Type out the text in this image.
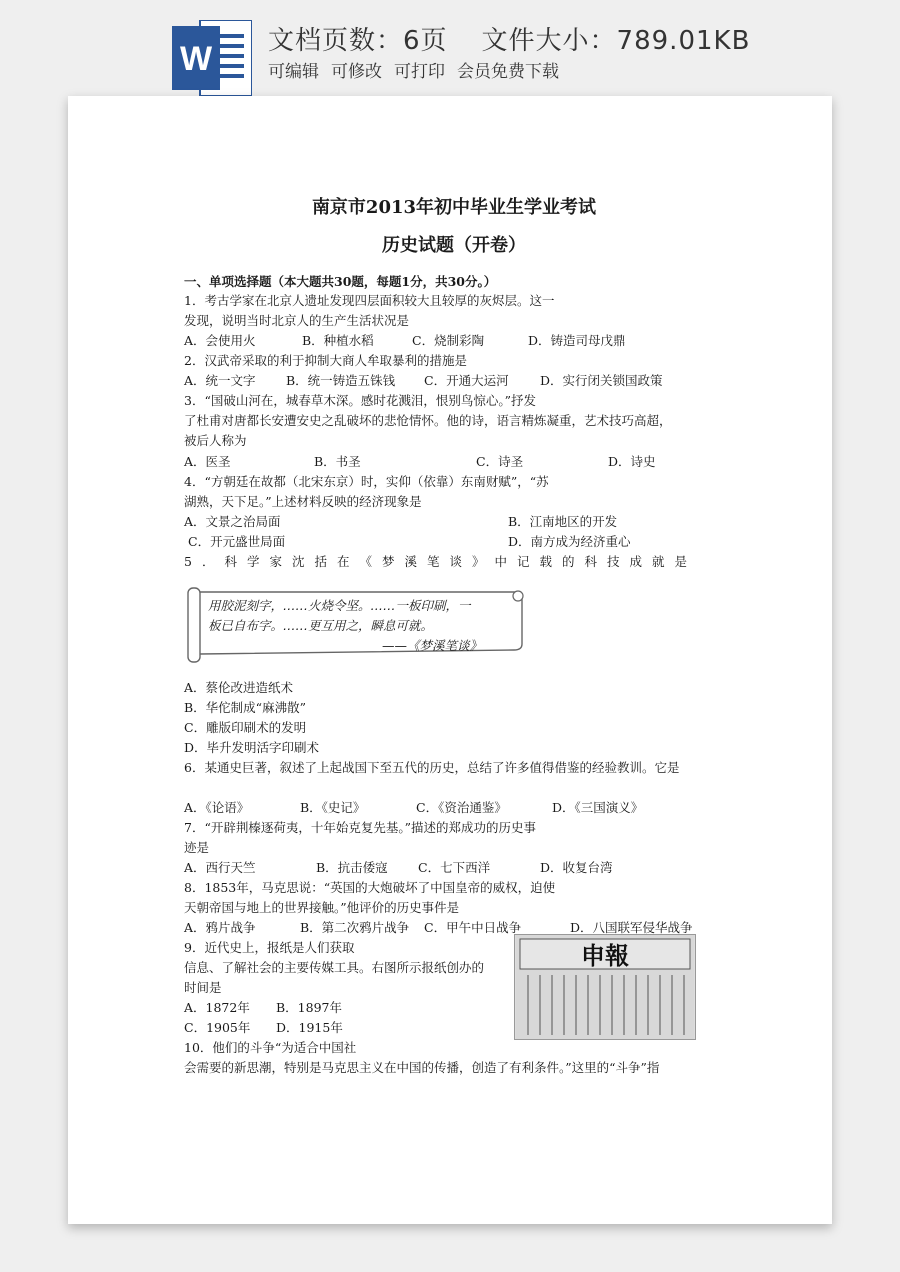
W 文档页数：6页 文件大小：789.01KB
可编辑 可修改 可打印 会员免费下载
南京市2013年初中毕业生学业考试
历史试题（开卷）
一、单项选择题（本大题共30题，每题1分，共30分。）
1．考古学家在北京人遗址发现四层面积较大且较厚的灰烬层。这一
发现，说明当时北京人的生产生活状况是
A．会使用火	B．种植水稻	C．烧制彩陶	D．铸造司母戊鼎
2．汉武帝采取的利于抑制大商人牟取暴利的措施是
A．统一文字 B．统一铸造五铢钱 C．开通大运河	D．实行闭关锁国政策
3．“国破山河在，城春草木深。感时花溅泪，恨别鸟惊心。”抒发
了杜甫对唐都长安遭安史之乱破坏的悲怆情怀。他的诗，语言精炼凝重，艺术技巧高超，
被后人称为
A．医圣	B．书圣	C．诗圣	D．诗史
4．“方朝廷在故都（北宋东京）时，实仰（依靠）东南财赋”，“苏
湖熟，天下足。”上述材料反映的经济现象是
A．文景之治局面	B．江南地区的开发
C．开元盛世局面	D．南方成为经济重心
5．科学家沈括在《梦溪笔谈》中记载的科技成就是
用胶泥刻字，……火烧令坚。……一板印刷，一
板已自布字。……更互用之，瞬息可就。
——《梦溪笔谈》
A．蔡伦改进造纸术
B．华佗制成“麻沸散”
C．雕版印刷术的发明
D．毕升发明活字印刷术
6．某通史巨著，叙述了上起战国下至五代的历史，总结了许多值得借鉴的经验教训。它是
A．《论语》	B．《史记》	C．《资治通鉴》	D．《三国演义》
7．“开辟荆榛逐荷夷，十年始克复先基。”描述的郑成功的历史事
迹是
A．西行天竺	B．抗击倭寇 C．七下西洋	D．收复台湾
8．1853年，马克思说：“英国的大炮破坏了中国皇帝的威权，迫使
天朝帝国与地上的世界接触。”他评价的历史事件是
A．鸦片战争	B．第二次鸦片战争 C．甲午中日战争	D．八国联军侵华战争
9．近代史上，报纸是人们获取
信息、了解社会的主要传媒工具。右图所示报纸创办的
时间是
A．1872年 B．1897年
C．1905年 D．1915年
10．他们的斗争“为适合中国社
会需要的新思潮，特别是马克思主义在中国的传播，创造了有利条件。”这里的“斗争”指
申報
